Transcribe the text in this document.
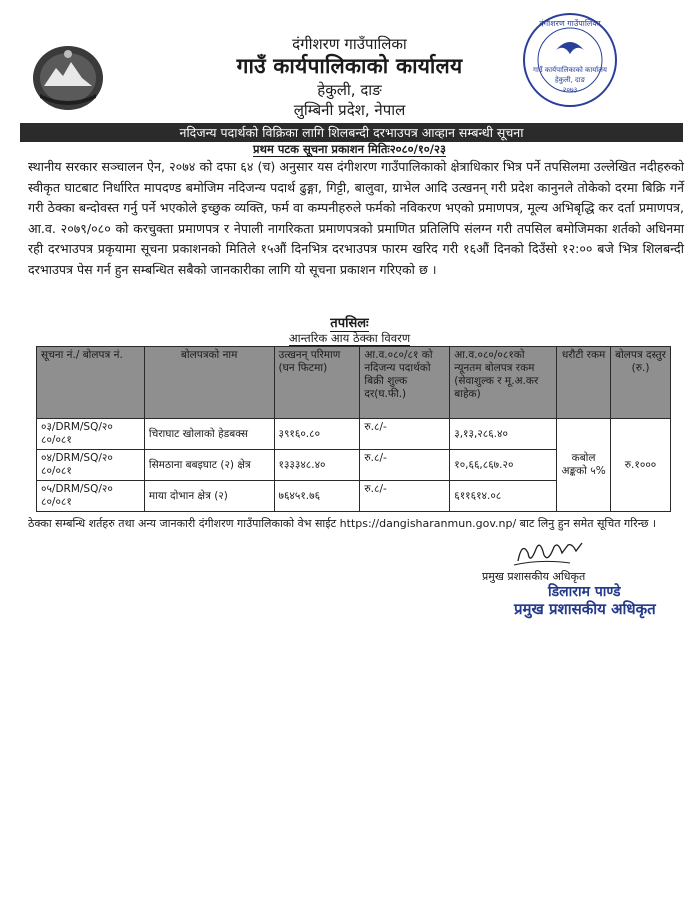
दंगीशरण गाउँपालिका
गाउँ कार्यपालिकाको कार्यालय
हेकुली, दाङ
२०७३
दंगीशरण गाउँपालिका
गाउँ कार्यपालिकाको कार्यालय
हेकुली, दाङ
लुम्बिनी प्रदेश, नेपाल
नदिजन्य पदार्थको विक्रिका लागि शिलबन्दी दरभाउपत्र आव्हान सम्बन्धी सूचना
प्रथम पटक सूचना प्रकाशन मितिः२०८०/१०/२३

स्थानीय सरकार सञ्चालन ऐन, २०७४ को दफा ६४ (च) अनुसार यस दंगीशरण गाउँपालिकाको क्षेत्राधिकार भित्र पर्ने तपसिलमा उल्लेखित नदीहरुको स्वीकृत घाटबाट निर्धारित मापदण्ड बमोजिम नदिजन्य पदार्थ ढुङ्गा, गिट्टी, बालुवा, ग्राभेल आदि उत्खनन् गरी प्रदेश कानुनले तोकेको दरमा बिक्रि गर्ने गरी ठेक्का बन्दोवस्त गर्नु पर्ने भएकोले इच्छुक व्यक्ति, फर्म वा कम्पनीहरुले फर्मको नविकरण भएको प्रमाणपत्र, मूल्य अभिबृद्धि कर दर्ता प्रमाणपत्र, आ.व. २०७९/०८० को करचुक्ता प्रमाणपत्र र नेपाली नागरिकता प्रमाणपत्रको प्रमाणित प्रतिलिपि संलग्न गरी तपसिल बमोजिमका शर्तको अधिनमा रही दरभाउपत्र प्रकृयामा सूचना प्रकाशनको मितिले १५औं दिनभित्र दरभाउपत्र फारम खरिद गरी १६औं दिनको दिउँसो १२:०० बजे भित्र शिलबन्दी दरभाउपत्र पेस गर्न हुन सम्बन्धित सबैको जानकारीका लागि यो सूचना प्रकाशन गरिएको छ ।

तपसिलः
आन्तरिक आय ठेक्का विवरण
सूचना नं./ बोलपत्र नं.	बोलपत्रको नाम	उत्खनन् परिमाण (घन फिटमा)	आ.व.०८०/८१ को नदिजन्य पदार्थको बिक्री शुल्क दर(घ.फी.)	आ.व.०८०/०८१को न्यूनतम बोलपत्र रकम (सेवाशुल्क र मू.अ.कर बाहेक)	धरौटी रकम	बोलपत्र दस्तुर (रु.)
०३/DRM/SQ/२० ८०/०८१	चिराघाट खोलाको हेडबक्स	३९१६०.८०	रु.८/-	३,१३,२८६.४०	कबोल अङ्कको ५%	रु.१०००
०४/DRM/SQ/२० ८०/०८१	सिमठाना बबइघाट (२) क्षेत्र	१३३३४८.४०	रु.८/-	१०,६६,८६७.२०		
०५/DRM/SQ/२० ८०/०८१	माया दोभान क्षेत्र (२)	७६४५१.७६	रु.८/-	६११६१४.०८		

ठेक्का सम्बन्धि शर्तहरु तथा अन्य जानकारी दंगीशरण गाउँपालिकाको वेभ साईट https://dangisharanmun.gov.np/ बाट लिनु हुन समेत सूचित गरिन्छ ।

प्रमुख प्रशासकीय अधिकृत
डिलाराम पाण्डे
प्रमुख प्रशासकीय अधिकृत
